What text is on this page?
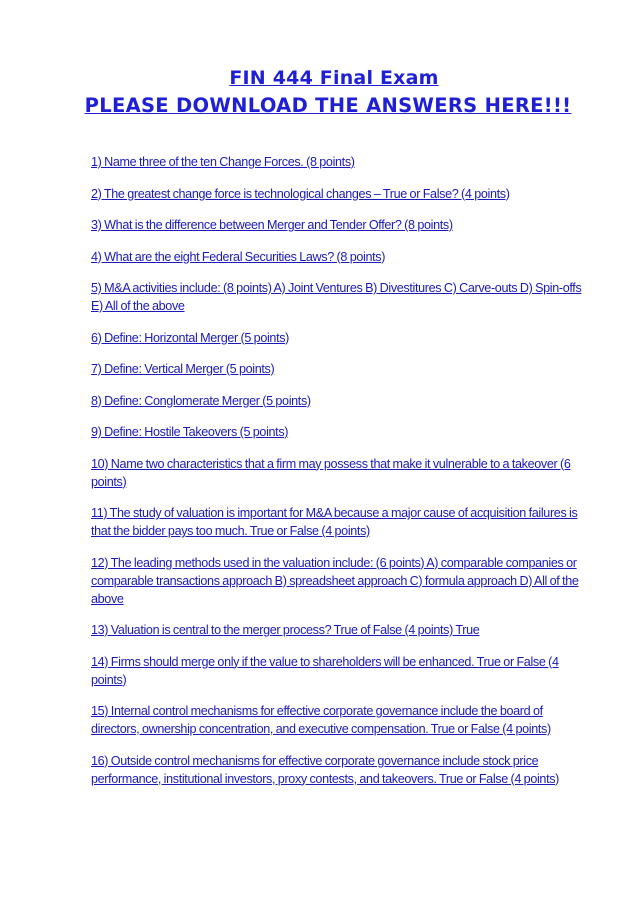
FIN 444 Final Exam
PLEASE DOWNLOAD THE ANSWERS HERE!!!
1) Name three of the ten Change Forces. (8 points)
2) The greatest change force is technological changes – True or False? (4 points)
3) What is the difference between Merger and Tender Offer? (8 points)
4) What are the eight Federal Securities Laws? (8 points)
5) M&A activities include: (8 points) A) Joint Ventures B) Divestitures C) Carve-outs D) Spin-offs E) All of the above
6) Define: Horizontal Merger (5 points)
7) Define: Vertical Merger (5 points)
8) Define: Conglomerate Merger (5 points)
9) Define: Hostile Takeovers (5 points)
10) Name two characteristics that a firm may possess that make it vulnerable to a takeover (6 points)
11) The study of valuation is important for M&A because a major cause of acquisition failures is that the bidder pays too much. True or False (4 points)
12) The leading methods used in the valuation include: (6 points) A) comparable companies or comparable transactions approach B) spreadsheet approach C) formula approach D) All of the above
13) Valuation is central to the merger process? True of False (4 points) True
14) Firms should merge only if the value to shareholders will be enhanced. True or False (4 points)
15) Internal control mechanisms for effective corporate governance include the board of directors, ownership concentration, and executive compensation. True or False (4 points)
16) Outside control mechanisms for effective corporate governance include stock price performance, institutional investors, proxy contests, and takeovers. True or False (4 points)
